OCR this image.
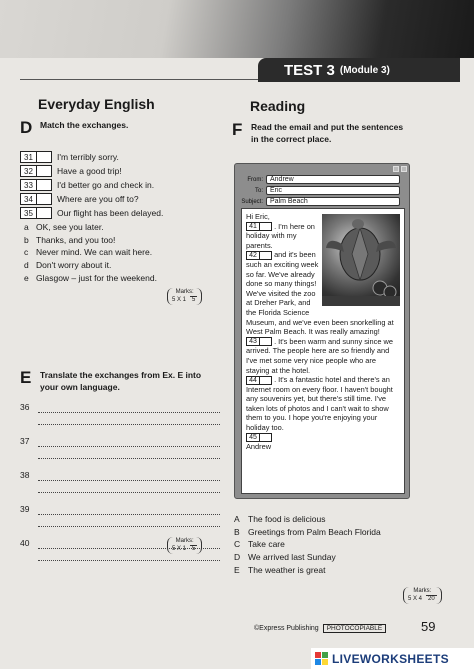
TEST 3 (Module 3)
Everyday English
D Match the exchanges.
31	I'm terribly sorry.
32	Have a good trip!
33	I'd better go and check in.
34	Where are you off to?
35	Our flight has been delayed.
a OK, see you later.
b Thanks, and you too!
c Never mind. We can wait here.
d Don't worry about it.
e Glasgow – just for the weekend.
Marks:
5 X 1	5
E Translate the exchanges from Ex. E into
your own language.
36
37
38
39
40	Marks:
5 X 1	5
Reading
F Read the email and put the sentences
in the correct place.
From:	Andrew
To:	Eric
Subject:	Palm Beach
Hi Eric,
41 . I'm here on holiday with my parents.
42 and it's been such an exciting week so far. We've already done so many things! We've visited the zoo at Dreher Park, and the Florida Science Museum, and we've even been snorkelling at West Palm Beach. It was really amazing!
43 . It's been warm and sunny since we arrived. The people here are so friendly and I've met some very nice people who are staying at the hotel.
44 . It's a fantastic hotel and there's an Internet room on every floor. I haven't bought any souvenirs yet, but there's still time. I've taken lots of photos and I can't wait to show them to you. I hope you're enjoying your holiday too.
45
Andrew
A The food is delicious
B Greetings from Palm Beach Florida
C Take care
D We arrived last Sunday
E The weather is great
Marks:
5 X 4	20
©Express Publishing	PHOTOCOPIABLE	59
LIVEWORKSHEETS
